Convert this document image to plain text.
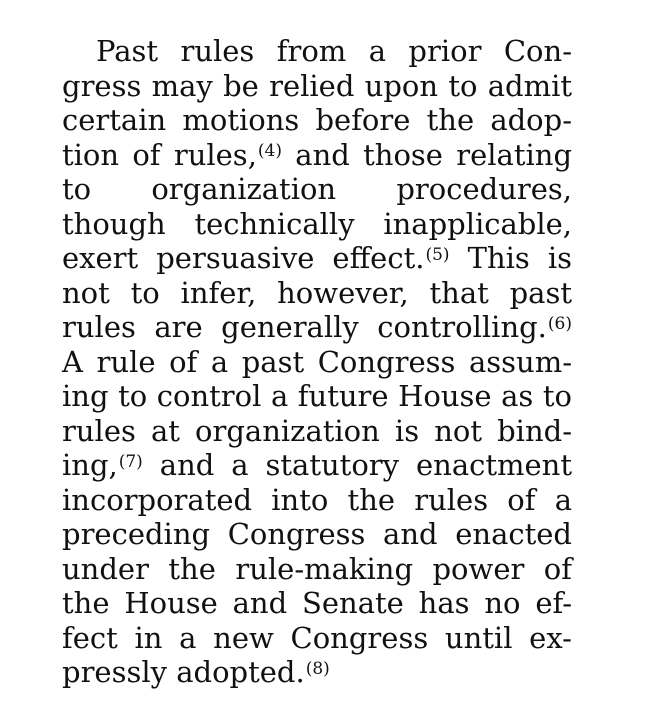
Past rules from a prior Con-
gress may be relied upon to admit
certain motions before the adop-
tion of rules,$^{(4)}$ and those relating
to organization procedures,
though technically inapplicable,
exert persuasive effect.$^{(5)}$ This is
not to infer, however, that past
rules are generally controlling.$^{(6)}$
A rule of a past Congress assum-
ing to control a future House as to
rules at organization is not bind-
ing,$^{(7)}$ and a statutory enactment
incorporated into the rules of a
preceding Congress and enacted
under the rule-making power of
the House and Senate has no ef-
fect in a new Congress until ex-
pressly adopted.$^{(8)}$
